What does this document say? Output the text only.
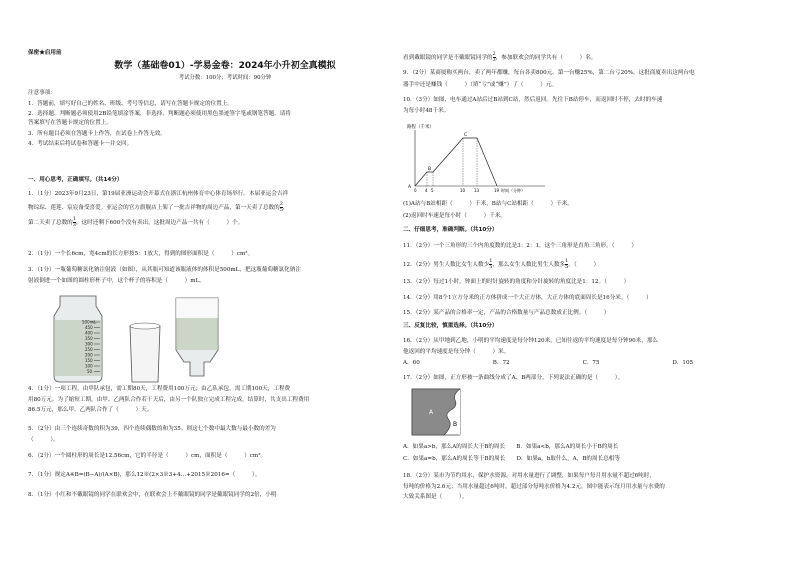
保密★启用前
数学（基础卷01）-学易金卷：2024年小升初全真模拟
考试分数：100分；考试时间：90分钟
注意事项：
1．答题前，填写好自己的姓名、班级、考号等信息，请写在答题卡规定的位置上。
2．选择题、判断题必须使用2B铅笔填涂答案，非选择、判断题必须使用黑色墨迹签字笔或钢笔答题，请将
答案填写在答题卡规定的位置上。
3．所有题目必须在答题卡上作答，在试卷上作答无效。
4．考试结束后将试卷和答题卡一并交回。
一、用心思考，正确填写。（共14分）
1．（1分）2023年9月23日，第19届亚洲运动会开幕式在浙江杭州体育中心体育场举行。本届亚运会吉祥
物琮琮、莲莲、宸宸备受喜爱。亚运会的官方旗舰店上架了一批吉祥物的周边产品，第一天卖了总数的 $\frac{2}{5}$ ，
第二天卖了总数的 $\frac{1}{3}$ ，这时还剩下600个没有卖出，这批周边产品一共有（　　　）个。
2．（1分）一个长6cm，宽4cm的长方形按5：1放大，得到的图形面积是（　　　）cm²。
3．（1分）一瓶葡萄糖氯化钠注射液（如图），从其瓶可知道该瓶液体的体积是500mL，把这瓶葡萄糖氯化钠注
射液倒进一个如图的圆柱形杯子中，这个杯子的容积是（　　　）mL。
500mL
450
400
350
300
250
200
150
100
50
4．（1分）一项工程，由甲队承包，需工期80天，工程费用100万元；由乙队承包，需工期100天，工程费
用80万元。为了缩短工期，由甲、乙两队合作若干天后，由另一个队独立完成工程完成。结算时，共支出工程费用
86.5万元，那么甲、乙两队合作了（　　　）天。
5．（2分）由三个连续奇数的积为39，四个连续偶数的和为35。则这七个数中最大数与最小数的差为
（　　　）。
6．（2分）一个圆柱形的周长是12.56cm，它的半径是（　　　）cm，面积是（　　　）cm²。
7．（1分）规定A※B=(B−A)/(A×B)，那么12※(2×3※3+4…+2015※2016=（　　　）。
8．（1分）小红和不戴眼镜的同学在联欢会中，在联欢会上不戴眼镜的同学是戴眼镜同学的2倍，小明
看到戴眼镜的同学是不戴眼镜同学的 $\frac{2}{3}$ ，参加联欢会的同学共有（　　　）名。
9．（2分）某商厦购买两台，卖了两年都赚，每台各卖800元。第一台赚25%，第二台亏20%，这批商厦卖出这两台电
器手中还是赚钱（　　　）（填“亏”或“赚”）了（　　　）元。
10．（3分）如图，电车通过A站后过B站到C站，然后返回。先往下B站停车，而返回时不停，去时的车速
为每小时48千米。
路程（千米）
A
B
C
0 4 5	10 13	19 时间（分钟）
(1)A站与B站相距（　　　）千米，B站与C站相距（　　　）千米。
(2)返回时车速是每小时（　　　）千米。
二、仔细思考，准确判断。（共10分）
11．（2分）一个三角形的三个内角度数的比是3：2：1，这个三角形是直角三角形。（　　　）
12．（2分）男生人数比女生人数少 $\frac{1}{5}$ ，那么女生人数比男生人数多 $\frac{1}{5}$ 。（　　　）
13．（2分）每过1小时，钟面上的时针旋转的角度和分针旋转的角度比是1：12。（　　　）
14．（2分）用8个1立方分米的正方体拼成一个大正方体，大正方体的底面周长是16分米。（　　　）
15．（2分）某产品的合格率一定，产品的合格数量与产品总数成正比例。（　　　）
三、反复比较，慎重选择。（共10分）
16．（2分）从甲地到乙地，小明的平均速度是每分钟120米，已知往返的平均速度是每分钟90米，那么
他返回的平均速度是每分钟（　　　）米。
A．60	B．72	C．75	D．105
17．（2分）如图，正方形被一条曲线分成了A、B两部分，下列说法正确的是（　　　）。
A
B
A．如果a>b，那么A的周长大于B的周长　　B．如果a<b，那么A的周长小于B的周长
C．如果a=b，那么A的周长等于B的周长　　D．如果a，b取什么，A，B的周长总相等
18．（2分）某市为节约用水，保护水资源，对用水量进行了调整，如果每户每月用水量不超过6吨时，
每吨的价格为2.6元；当用水量超过6吨时，超过部分每吨水价格为4.2元。图中能表示每月用水量与水费的
大致关系图是（　　　）。
